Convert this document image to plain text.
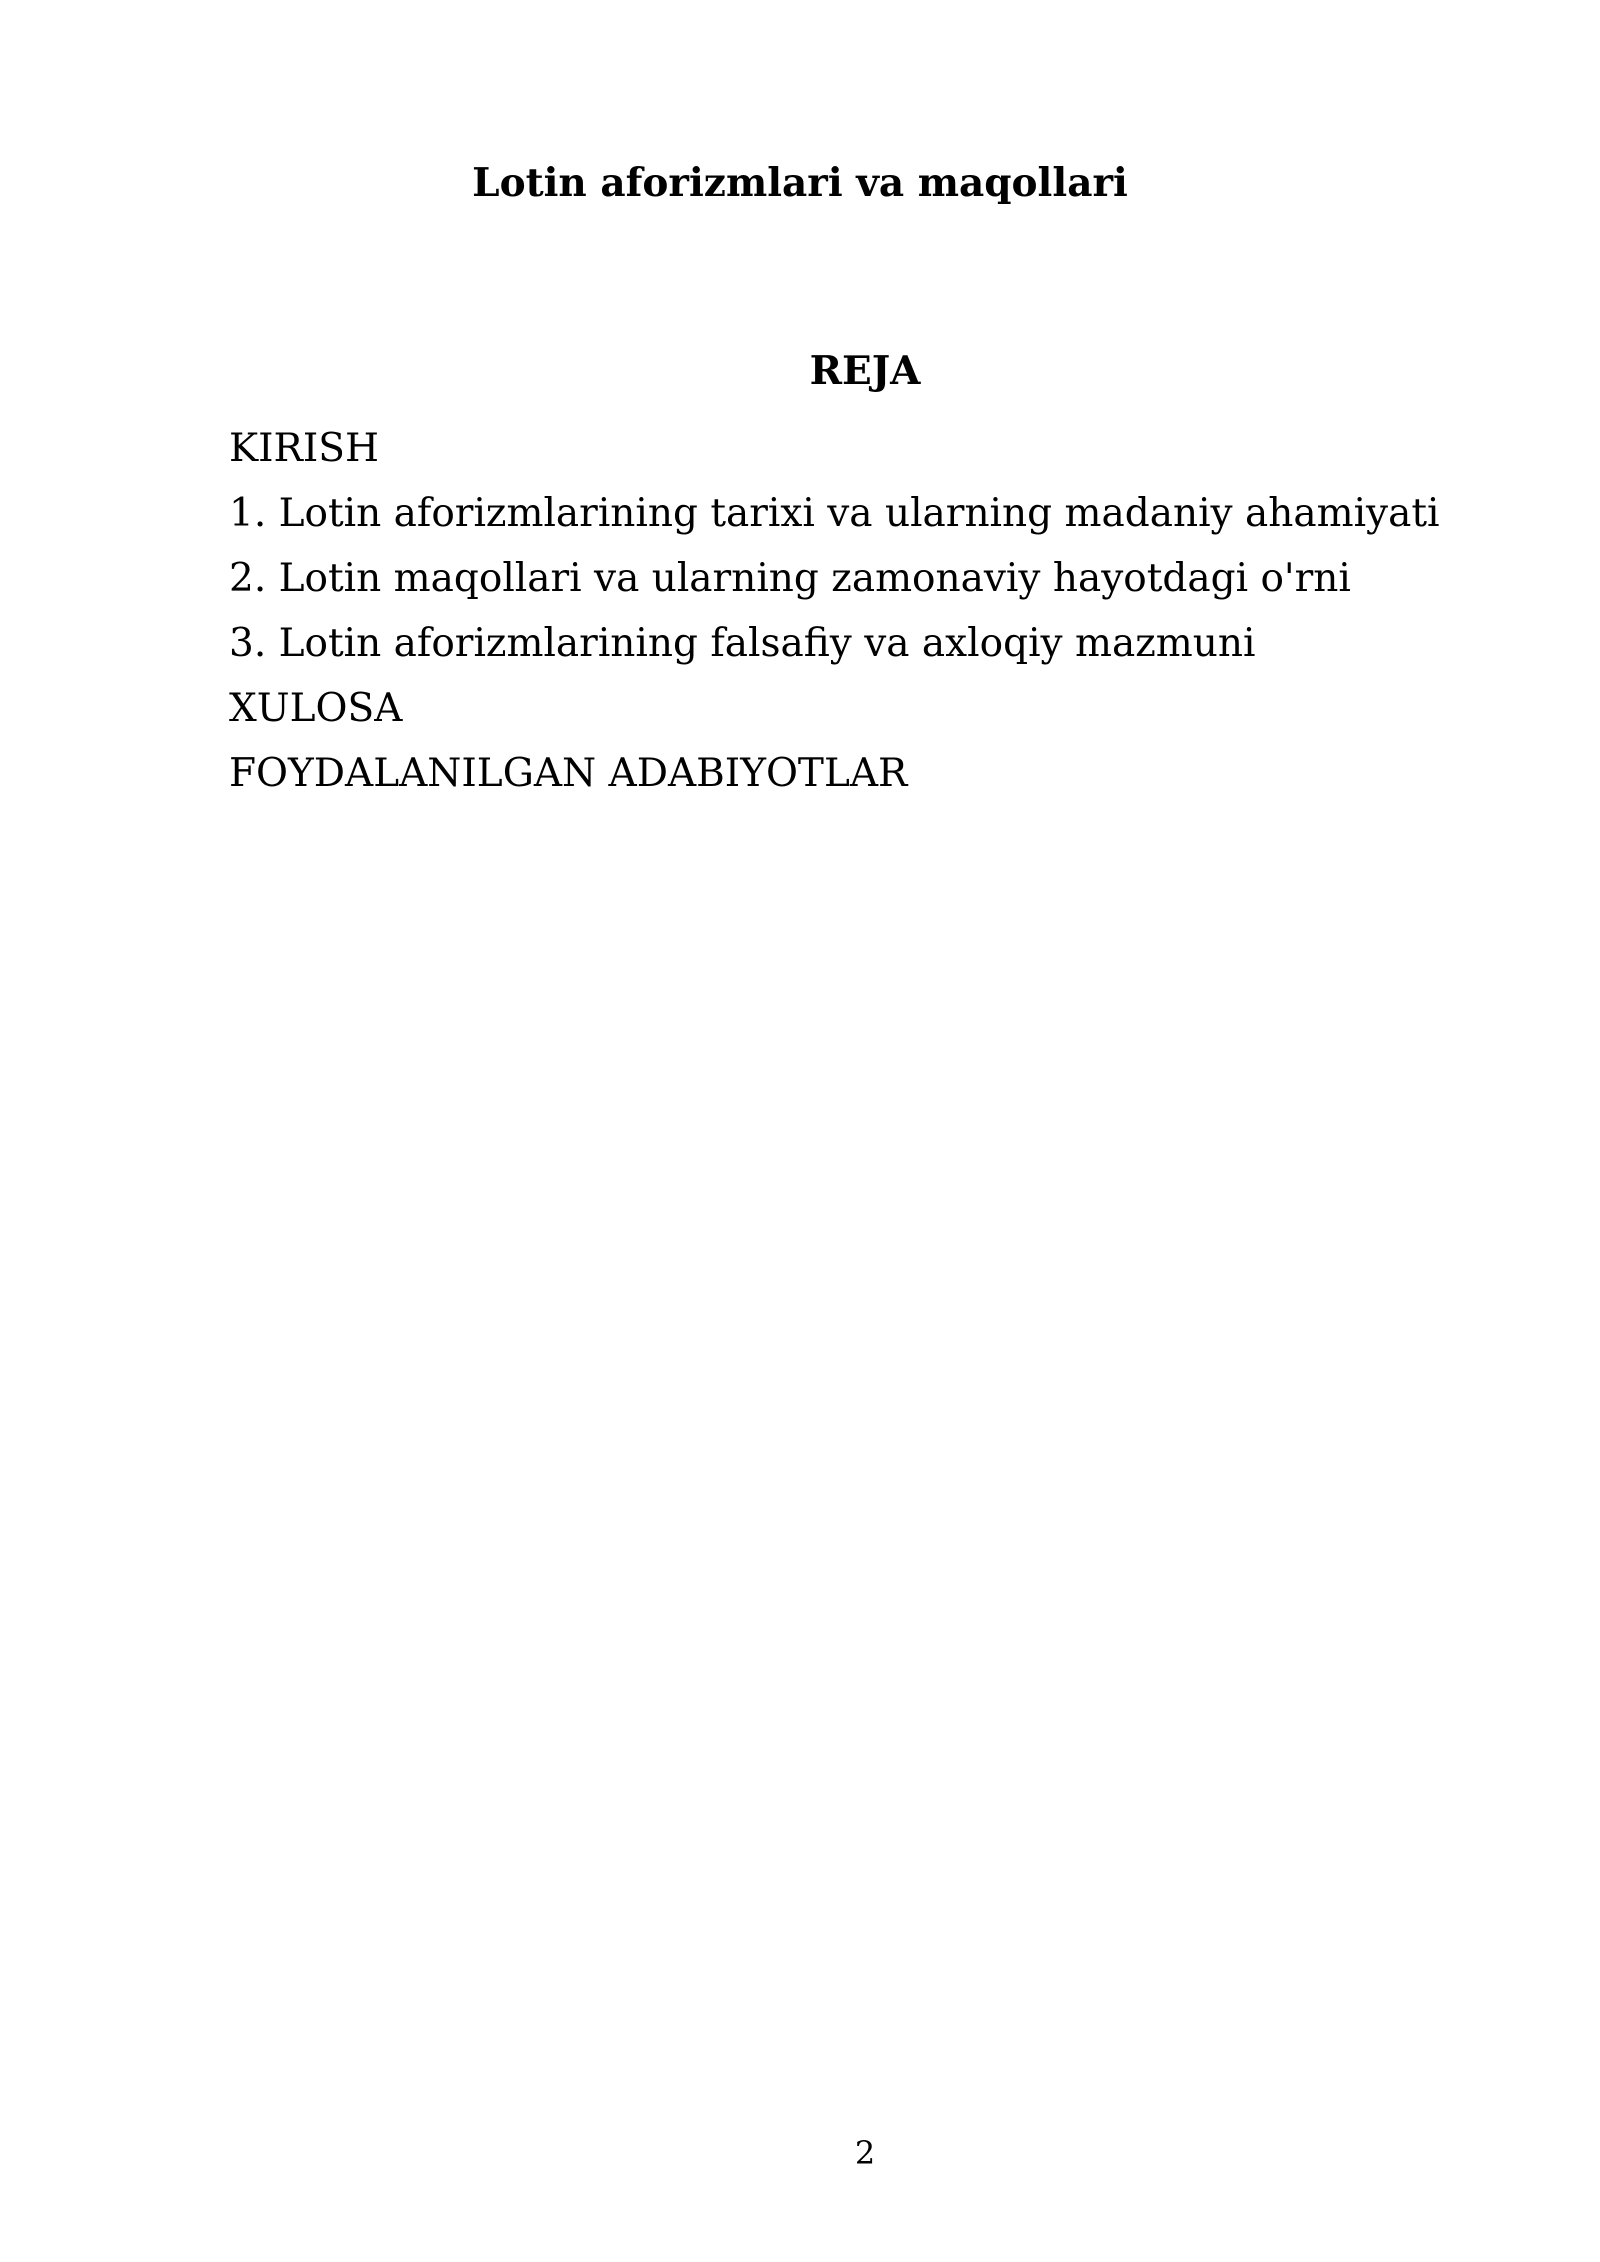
Lotin aforizmlari va maqollari
REJA
KIRISH
1. Lotin aforizmlarining tarixi va ularning madaniy ahamiyati
2. Lotin maqollari va ularning zamonaviy hayotdagi o'rni
3. Lotin aforizmlarining falsafiy va axloqiy mazmuni
XULOSA
FOYDALANILGAN ADABIYOTLAR
2
